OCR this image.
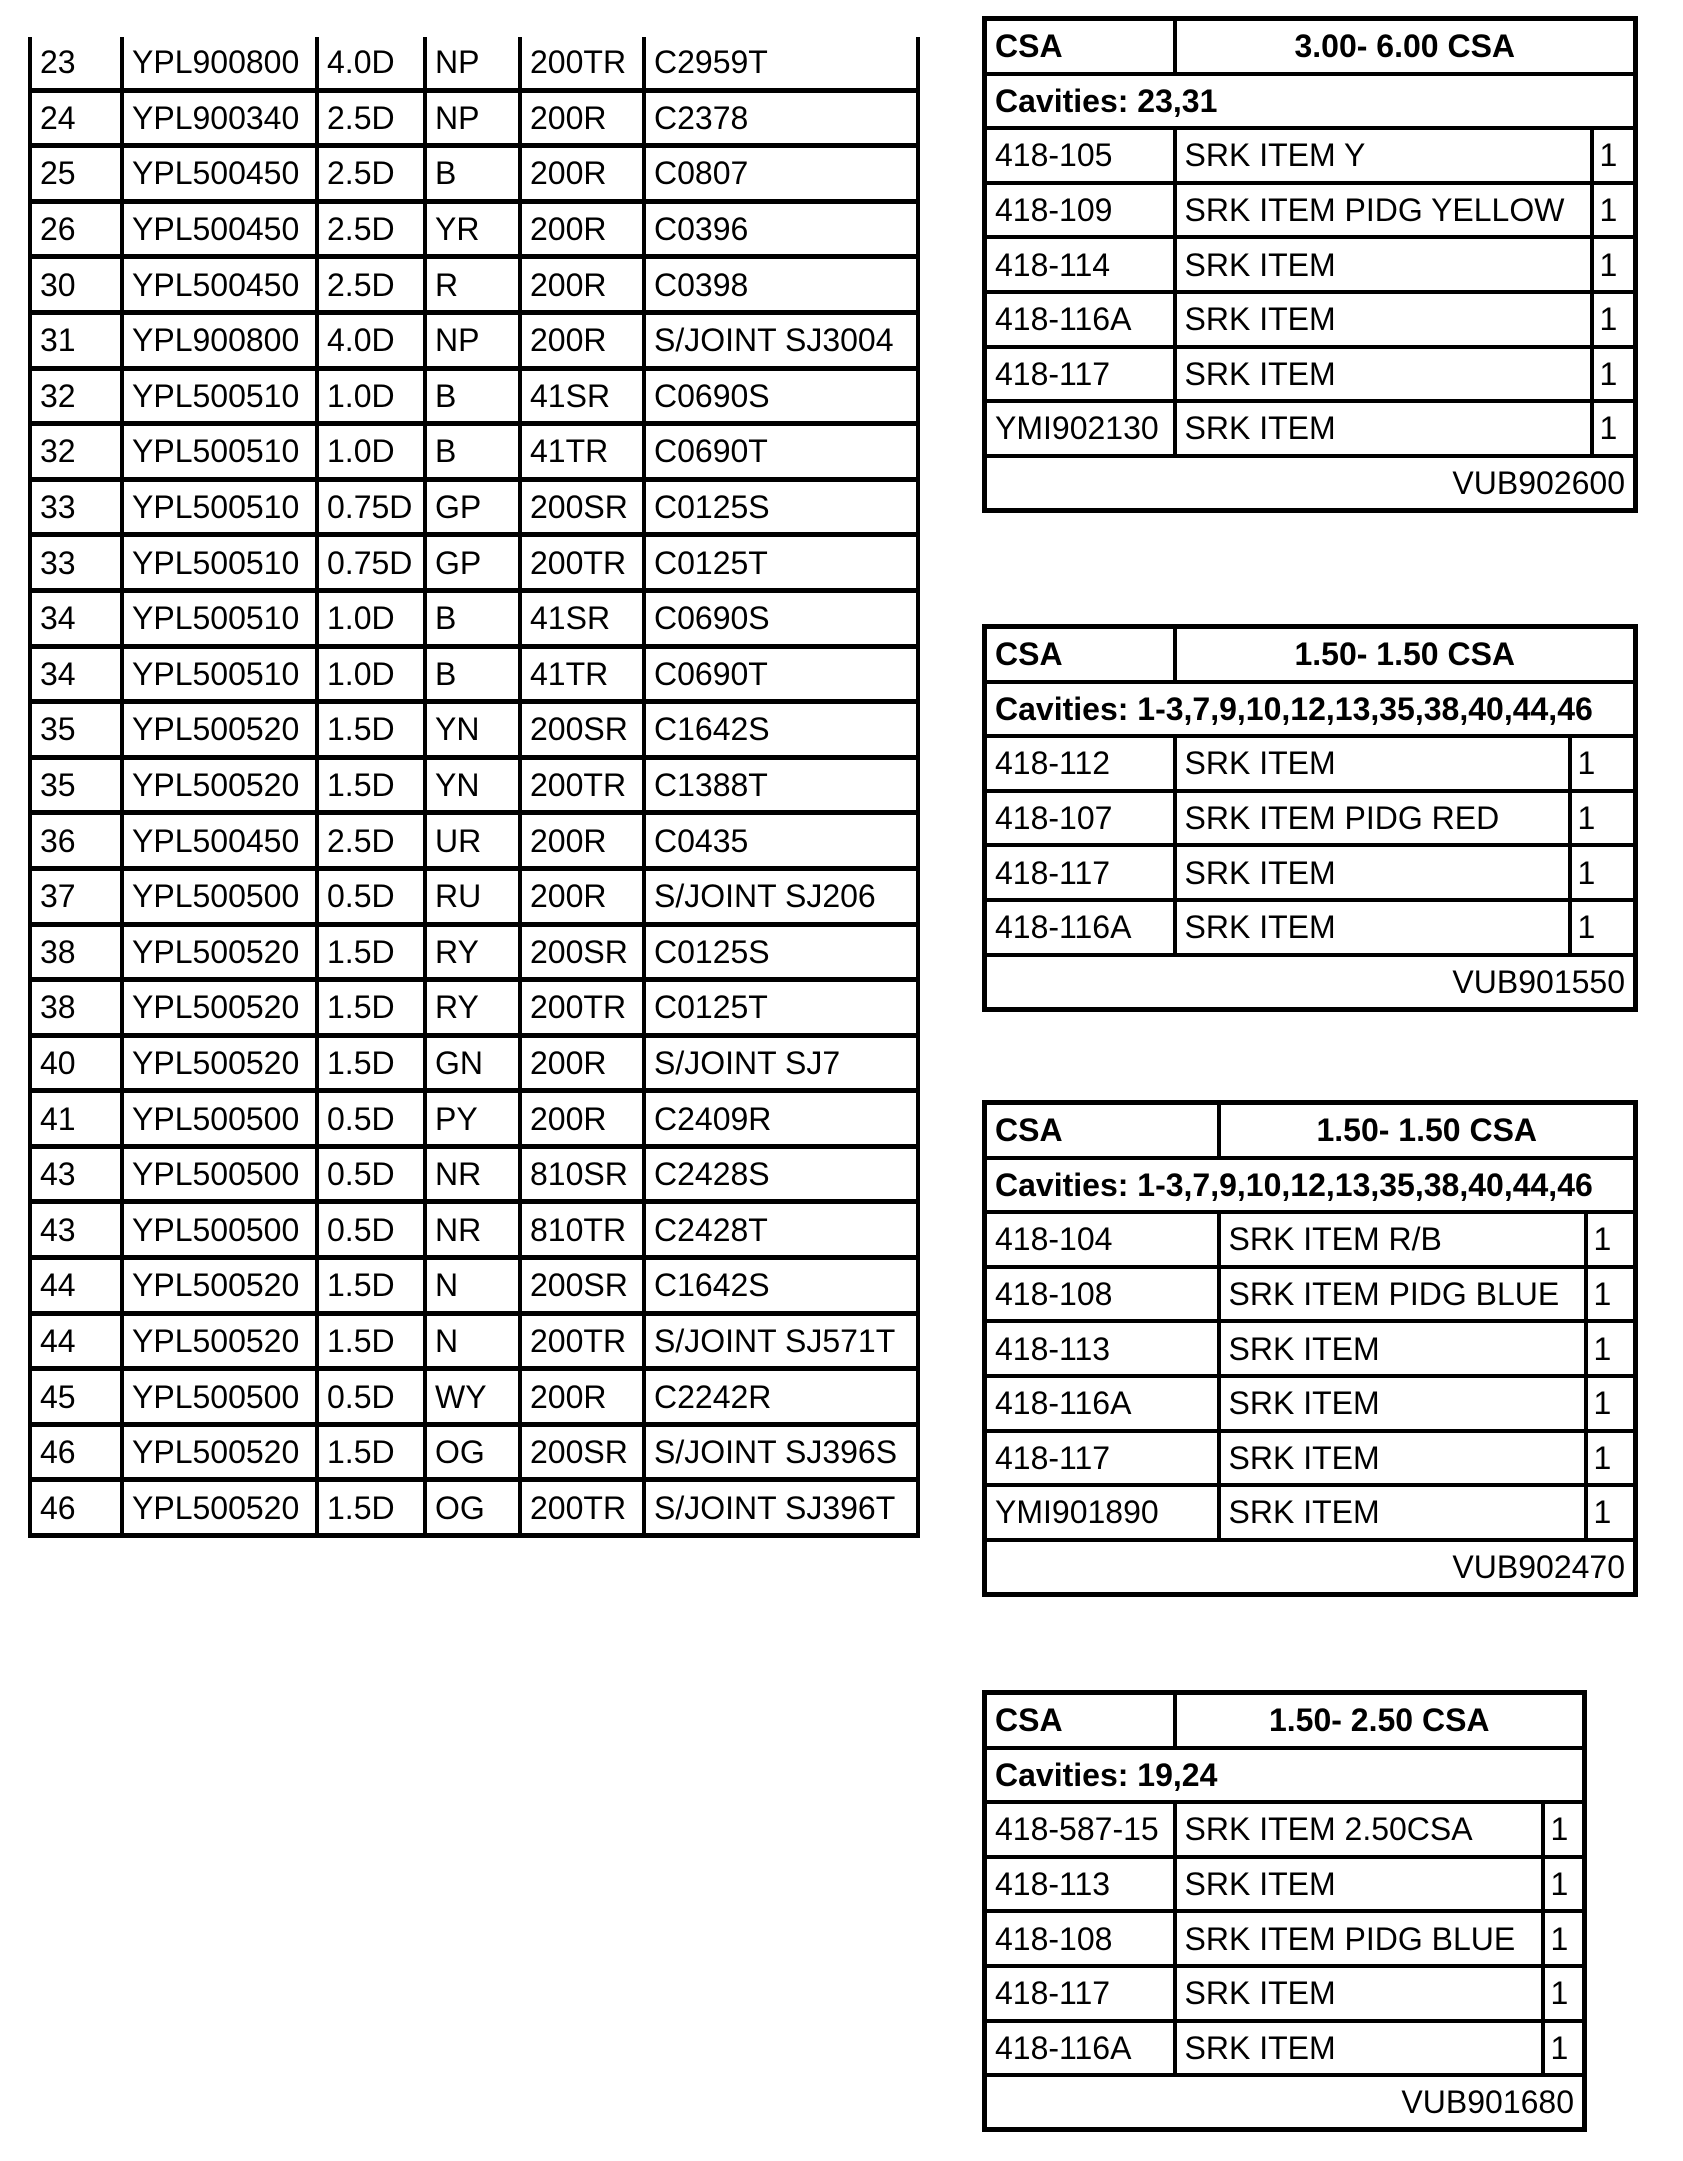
23	YPL900800	4.0D	NP	200TR	C2959T
24	YPL900340	2.5D	NP	200R	C2378
25	YPL500450	2.5D	B	200R	C0807
26	YPL500450	2.5D	YR	200R	C0396
30	YPL500450	2.5D	R	200R	C0398
31	YPL900800	4.0D	NP	200R	S/JOINT SJ3004
32	YPL500510	1.0D	B	41SR	C0690S
32	YPL500510	1.0D	B	41TR	C0690T
33	YPL500510	0.75D	GP	200SR	C0125S
33	YPL500510	0.75D	GP	200TR	C0125T
34	YPL500510	1.0D	B	41SR	C0690S
34	YPL500510	1.0D	B	41TR	C0690T
35	YPL500520	1.5D	YN	200SR	C1642S
35	YPL500520	1.5D	YN	200TR	C1388T
36	YPL500450	2.5D	UR	200R	C0435
37	YPL500500	0.5D	RU	200R	S/JOINT SJ206
38	YPL500520	1.5D	RY	200SR	C0125S
38	YPL500520	1.5D	RY	200TR	C0125T
40	YPL500520	1.5D	GN	200R	S/JOINT SJ7
41	YPL500500	0.5D	PY	200R	C2409R
43	YPL500500	0.5D	NR	810SR	C2428S
43	YPL500500	0.5D	NR	810TR	C2428T
44	YPL500520	1.5D	N	200SR	C1642S
44	YPL500520	1.5D	N	200TR	S/JOINT SJ571T
45	YPL500500	0.5D	WY	200R	C2242R
46	YPL500520	1.5D	OG	200SR	S/JOINT SJ396S
46	YPL500520	1.5D	OG	200TR	S/JOINT SJ396T
CSA	3.00- 6.00 CSA	
Cavities: 23,31		
418-105	SRK ITEM Y	1
418-109	SRK ITEM PIDG YELLOW	1
418-114	SRK ITEM	1
418-116A	SRK ITEM	1
418-117	SRK ITEM	1
YMI902130	SRK ITEM	1
VUB902600		
CSA	1.50- 1.50 CSA	
Cavities: 1-3,7,9,10,12,13,35,38,40,44,46		
418-112	SRK ITEM	1
418-107	SRK ITEM PIDG RED	1
418-117	SRK ITEM	1
418-116A	SRK ITEM	1
VUB901550		
CSA	1.50- 1.50 CSA	
Cavities: 1-3,7,9,10,12,13,35,38,40,44,46		
418-104	SRK ITEM R/B	1
418-108	SRK ITEM PIDG BLUE	1
418-113	SRK ITEM	1
418-116A	SRK ITEM	1
418-117	SRK ITEM	1
YMI901890	SRK ITEM	1
VUB902470		
CSA	1.50- 2.50 CSA	
Cavities: 19,24		
418-587-15	SRK ITEM 2.50CSA	1
418-113	SRK ITEM	1
418-108	SRK ITEM PIDG BLUE	1
418-117	SRK ITEM	1
418-116A	SRK ITEM	1
VUB901680		
